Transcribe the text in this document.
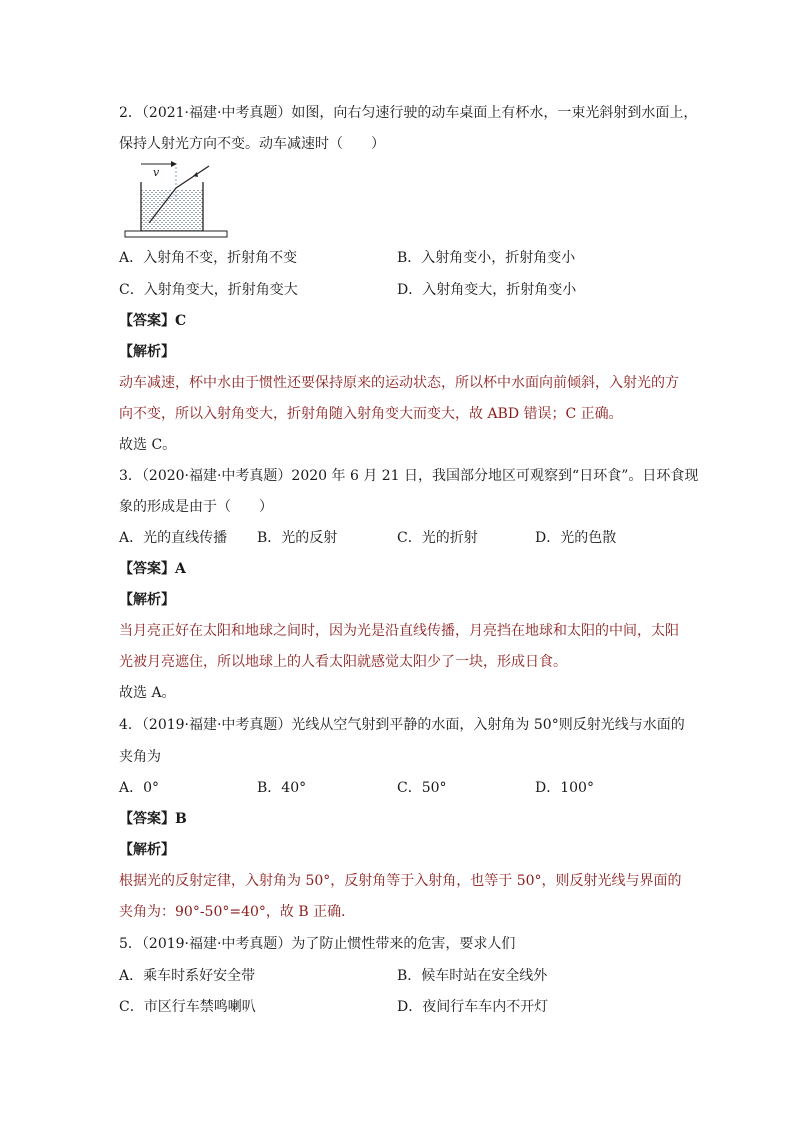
2．（2021·福建·中考真题）如图，向右匀速行驶的动车桌面上有杯水，一束光斜射到水面上，
保持人射光方向不变。动车减速时（　　）
v
A．入射角不变，折射角不变	B．入射角变小，折射角变小
C．入射角变大，折射角变大	D．入射角变大，折射角变小
【答案】C
【解析】
动车减速，杯中水由于惯性还要保持原来的运动状态，所以杯中水面向前倾斜，入射光的方
向不变，所以入射角变大，折射角随入射角变大而变大，故 ABD 错误；C 正确。
故选 C。
3．（2020·福建·中考真题）2020 年 6 月 21 日，我国部分地区可观察到“日环食”。日环食现
象的形成是由于（　　）
A．光的直线传播 B．光的反射	C．光的折射	D．光的色散
【答案】A
【解析】
当月亮正好在太阳和地球之间时，因为光是沿直线传播，月亮挡在地球和太阳的中间，太阳
光被月亮遮住，所以地球上的人看太阳就感觉太阳少了一块，形成日食。
故选 A。
4．（2019·福建·中考真题）光线从空气射到平静的水面，入射角为 50°则反射光线与水面的
夹角为
A．0°	B．40°	C．50°	D．100°
【答案】B
【解析】
根据光的反射定律，入射角为 50°，反射角等于入射角，也等于 50°，则反射光线与界面的
夹角为：90°-50°=40°，故 B 正确．
5．（2019·福建·中考真题）为了防止惯性带来的危害，要求人们
A．乘车时系好安全带	B．候车时站在安全线外
C．市区行车禁鸣喇叭	D．夜间行车车内不开灯
